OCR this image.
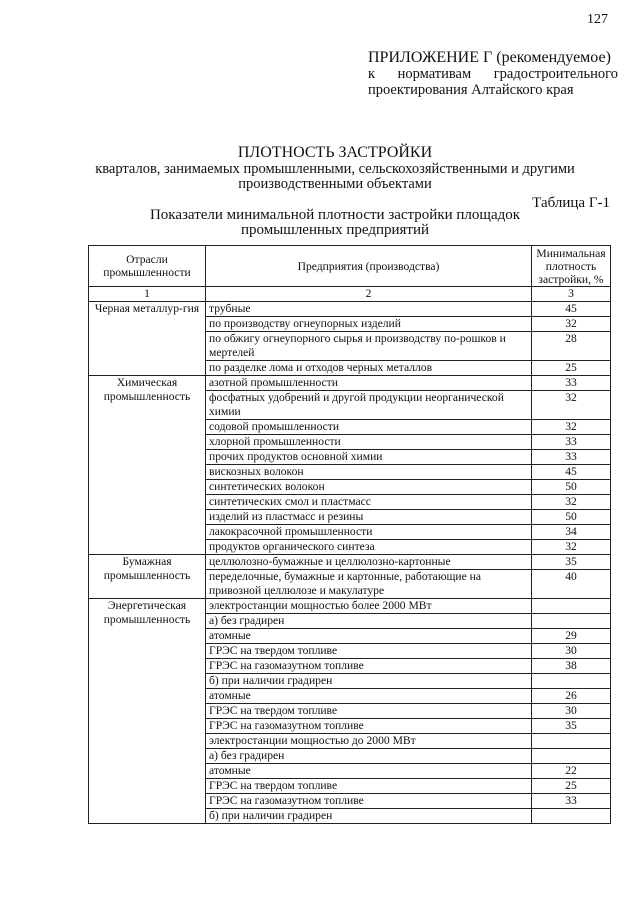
127
ПРИЛОЖЕНИЕ Г (рекомендуемое)

к нормативам градостроительного
проектирования Алтайского края
ПЛОТНОСТЬ ЗАСТРОЙКИ
кварталов, занимаемых промышленными, сельскохозяйственными и другими
производственными объектами
Таблица Г-1
Показатели минимальной плотности застройки площадок
промышленных предприятий
Отрасли промышленности	Предприятия (производства)	Минимальная плотность застройки, %
1	2	3
Черная металлур-гия	трубные	45
	по производству огнеупорных изделий	32
	по обжигу огнеупорного сырья и производству по-рошков и мертелей	28
	по разделке лома и отходов черных металлов	25
Химическая промышленность	азотной промышленности	33
	фосфатных удобрений и другой продукции неорганической химии	32
	содовой промышленности	32
	хлорной промышленности	33
	прочих продуктов основной химии	33
	вискозных волокон	45
	синтетических волокон	50
	синтетических смол и пластмасс	32
	изделий из пластмасс и резины	50
	лакокрасочной промышленности	34
	продуктов органического синтеза	32
Бумажная промышленность	целлюлозно-бумажные и целлюлозно-картонные	35
	переделочные, бумажные и картонные, работающие на привозной целлюлозе и макулатуре	40
Энергетическая промышленность	электростанции мощностью более 2000 МВт	
	а) без градирен	
	атомные	29
	ГРЭС на твердом топливе	30
	ГРЭС на газомазутном топливе	38
	б) при наличии градирен	
	атомные	26
	ГРЭС на твердом топливе	30
	ГРЭС на газомазутном топливе	35
	электростанции мощностью до 2000 МВт	
	а) без градирен	
	атомные	22
	ГРЭС на твердом топливе	25
	ГРЭС на газомазутном топливе	33
	б) при наличии градирен	
